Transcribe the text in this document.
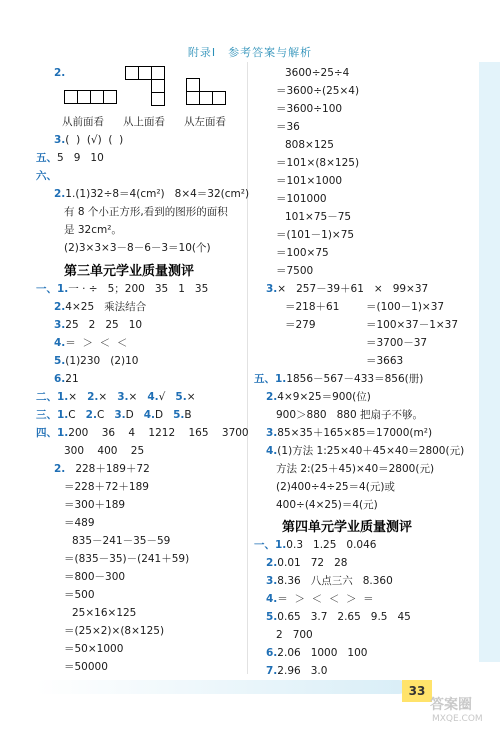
附录Ⅰ　参考答案与解析
2.
从前面看 从上面看 从左面看
3.(  )  (√)  (  )
五、5   9   10
六、
2.1.(1)32÷8＝4(cm²)   8×4＝32(cm²)
有 8 个小正方形,看到的图形的面积
是 32cm²。
(2)3×3×3－8－6－3＝10(个)
第三单元学业质量测评
一、1.一 · ÷   5；200   35   1   35
2.4×25   乘法结合
3.25   2   25   10
4.＝  ＞  ＜  ＜
5.(1)230   (2)10
6.21
二、1.× 2.× 3.× 4.√ 5.×
三、1.C 2.C 3.D 4.D 5.B
四、1.200    36    4    1212    165    3700
300    400    25
2. 228＋189＋72
＝228＋72＋189
＝300＋189
＝489
835－241－35－59
＝(835－35)－(241＋59)
＝800－300
＝500
25×16×125
＝(25×2)×(8×125)
＝50×1000
＝50000
3600÷25÷4
＝3600÷(25×4)
＝3600÷100
＝36
808×125
＝101×(8×125)
＝101×1000
＝101000
101×75－75
＝(101－1)×75
＝100×75
＝7500
3.×   257－39＋61   ×   99×37
＝218＋61	＝(100－1)×37
＝279	＝100×37－1×37
＝3700－37
＝3663
五、1.1856－567－433＝856(册)
2.4×9×25＝900(位)
900＞880   880 把扇子不够。
3.85×35＋165×85＝17000(m²)
4.(1)方法 1:25×40＋45×40＝2800(元)
方法 2:(25＋45)×40＝2800(元)
(2)400÷4÷25＝4(元)或
400÷(4×25)＝4(元)
第四单元学业质量测评
一、1.0.3   1.25   0.046
2.0.01   72   28
3.8.36   八点三六   8.360
4.＝  ＞  ＜  ＜  ＞  ＝
5.0.65   3.7   2.65   9.5   45
2   700
6.2.06   1000   100
7.2.96   3.0
33
答案圈
MXQE.COM
